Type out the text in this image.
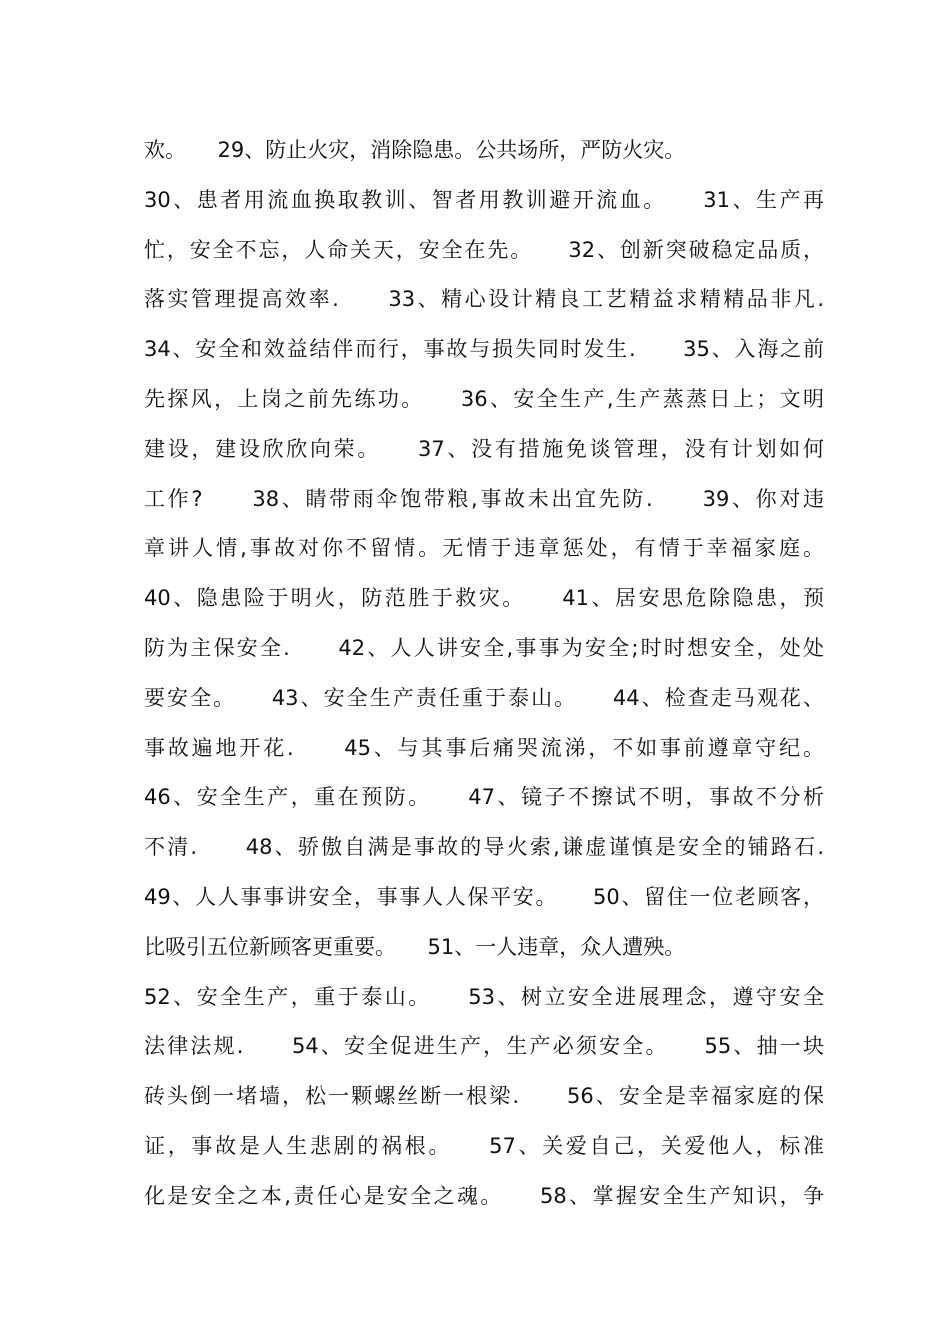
欢。　　29、防止火灾，消除隐患。公共场所，严防火灾。
30、患者用流血换取教训、智者用教训避开流血。　　31、生产再
忙，安全不忘，人命关天，安全在先。　　32、创新突破稳定品质，
落实管理提高效率.　　33、精心设计精良工艺精益求精精品非凡.
34、安全和效益结伴而行，事故与损失同时发生.　　35、入海之前
先探风，上岗之前先练功。　　36、安全生产,生产蒸蒸日上；文明
建设，建设欣欣向荣。　　37、没有措施免谈管理，没有计划如何
工作?　　38、睛带雨伞饱带粮,事故未出宜先防.　　39、你对违
章讲人情,事故对你不留情。无情于违章惩处，有情于幸福家庭。
40、隐患险于明火，防范胜于救灾。　　41、居安思危除隐患，预
防为主保安全.　　42、人人讲安全,事事为安全;时时想安全，处处
要安全。　　43、安全生产责任重于泰山。　　44、检查走马观花、
事故遍地开花.　　45、与其事后痛哭流涕，不如事前遵章守纪。
46、安全生产，重在预防。　　47、镜子不擦试不明，事故不分析
不清.　　48、骄傲自满是事故的导火索,谦虚谨慎是安全的铺路石.
49、人人事事讲安全，事事人人保平安。　　50、留住一位老顾客，
比吸引五位新顾客更重要。　　51、一人违章，众人遭殃。
52、安全生产，重于泰山。　　53、树立安全进展理念，遵守安全
法律法规.　　54、安全促进生产，生产必须安全。　　55、抽一块
砖头倒一堵墙，松一颗螺丝断一根梁.　　56、安全是幸福家庭的保
证，事故是人生悲剧的祸根。　　57、关爱自己，关爱他人，标准
化是安全之本,责任心是安全之魂。　　58、掌握安全生产知识，争
